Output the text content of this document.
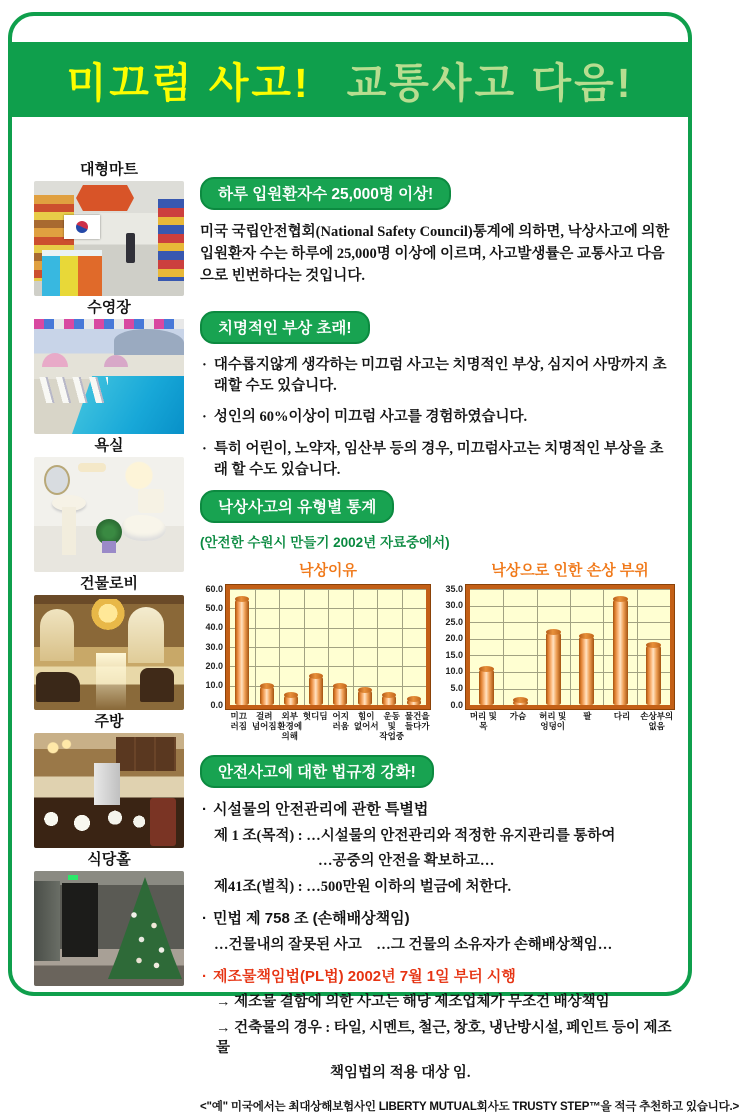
미끄럼 사고! 교통사고 다음!
대형마트
수영장
욕실
건물로비
주방
식당홀
하루 입원환자수 25,000명 이상!

미국 국립안전협회(National Safety Council)통계에 의하면, 낙상사고에 의한 입원환자 수는 하루에 25,000명 이상에 이르며, 사고발생률은 교통사고 다음으로 빈번하다는 것입니다.

치명적인 부상 초래!
· 대수롭지않게 생각하는 미끄럼 사고는 치명적인 부상, 심지어 사망까지 초래할 수도 있습니다.

· 성인의 60%이상이 미끄럼 사고를 경험하였습니다.

· 특히 어린이, 노약자, 임산부 등의 경우, 미끄럼사고는 치명적인 부상을 초래 할 수도 있습니다.

낙상사고의 유형별 통계
(안전한 수원시 만들기 2002년 자료중에서)
낙상이유
60.0
50.0
40.0
30.0
20.0
10.0
0.0
미끄
러짐
걸려
넘어짐
외부
환경에
의해
헛디딤 어지
러움
힘이
없어서
운동
및
작업중
물건을
들다가
낙상으로 인한 손상 부위
35.0
30.0
25.0
20.0
15.0
10.0
5.0
0.0
머리 및
목
가슴	허리 및
엉덩이
팔	다리	손상부의
없음
안전사고에 대한 법규정 강화!
· 시설물의 안전관리에 관한 특별법
제 1 조(목적) : …시설물의 안전관리와 적정한 유지관리를 통하여
…공중의 안전을 확보하고…
제41조(벌칙) : …500만원 이하의 벌금에 처한다.
· 민법 제 758 조 (손해배상책임)
…건물내의 잘못된 사고　…그 건물의 소유자가 손해배상책임…
· 제조물책임법(PL법) 2002년 7월 1일 부터 시행
→ 제조물 결함에 의한 사고는 해당 제조업체가 무조건 배상책임
→ 건축물의 경우 : 타일, 시멘트, 철근, 창호, 냉난방시설, 페인트 등이 제조물
책임법의 적용 대상 임.
<"예" 미국에서는 최대상해보험사인 LIBERTY MUTUAL회사도 TRUSTY STEP™을 적극 추천하고 있습니다.>
